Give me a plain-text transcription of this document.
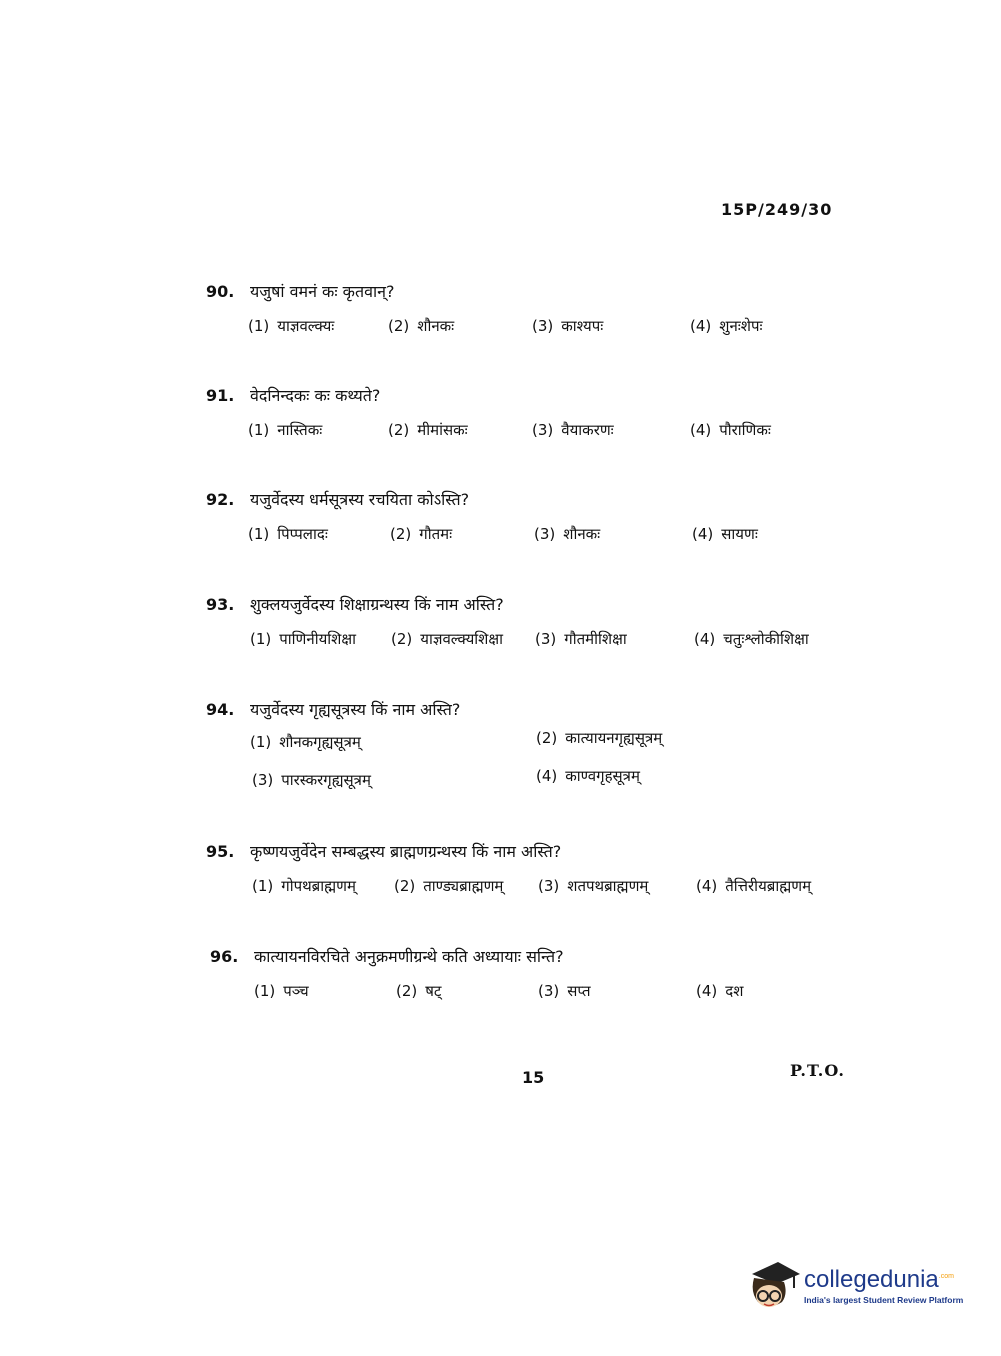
15P/249/30
90. यजुषां वमनं कः कृतवान्?
(1) याज्ञवल्क्यः	(2) शौनकः	(3) काश्यपः	(4) शुनःशेपः
91. वेदनिन्दकः कः कथ्यते?
(1) नास्तिकः	(2) मीमांसकः	(3) वैयाकरणः	(4) पौराणिकः
92. यजुर्वेदस्य धर्मसूत्रस्य रचयिता कोऽस्ति?
(1) पिप्पलादः	(2) गौतमः	(3) शौनकः	(4) सायणः
93. शुक्लयजुर्वेदस्य शिक्षाग्रन्थस्य किं नाम अस्ति?
(1) पाणिनीयशिक्षा (2) याज्ञवल्क्यशिक्षा (3) गौतमीशिक्षा	(4) चतुःश्लोकीशिक्षा
94. यजुर्वेदस्य गृह्यसूत्रस्य किं नाम अस्ति?
(1) शौनकगृह्यसूत्रम्	(2) कात्यायनगृह्यसूत्रम्
(3) पारस्करगृह्यसूत्रम्	(4) काण्वगृहसूत्रम्
95. कृष्णयजुर्वेदेन सम्बद्धस्य ब्राह्मणग्रन्थस्य किं नाम अस्ति?
(1) गोपथब्राह्मणम्	(2) ताण्ड्यब्राह्मणम् (3) शतपथब्राह्मणम्	(4) तैत्तिरीयब्राह्मणम्
96. कात्यायनविरचिते अनुक्रमणीग्रन्थे कति अध्यायाः सन्ति?
(1) पञ्च	(2) षट्	(3) सप्त	(4) दश
15	P.T.O.
collegedunia$^{.com}$
India's largest Student Review Platform
